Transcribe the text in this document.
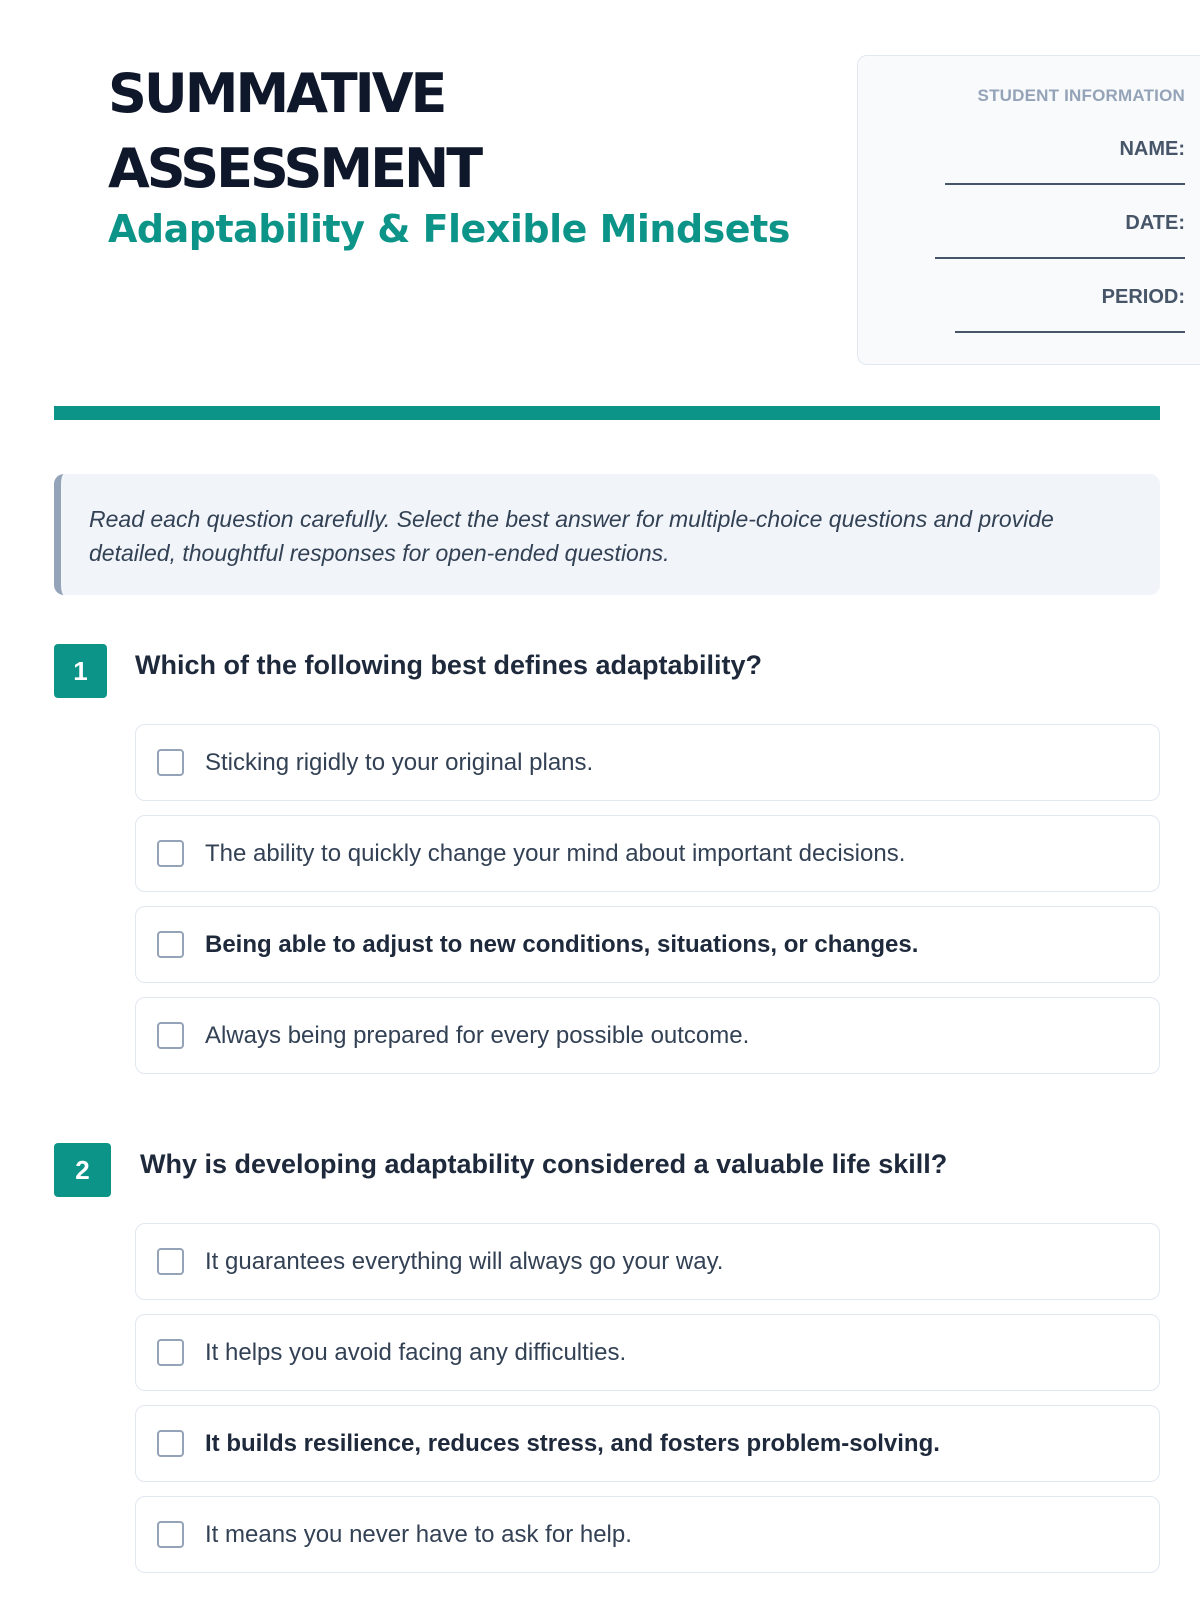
SUMMATIVE
ASSESSMENT
Adaptability & Flexible Mindsets
STUDENT INFORMATION
NAME:
DATE:
PERIOD:
Read each question carefully. Select the best answer for multiple-choice questions and provide detailed, thoughtful responses for open-ended questions.
1	Which of the following best defines adaptability?
Sticking rigidly to your original plans.
The ability to quickly change your mind about important decisions.
Being able to adjust to new conditions, situations, or changes.
Always being prepared for every possible outcome.
2	Why is developing adaptability considered a valuable life skill?
It guarantees everything will always go your way.
It helps you avoid facing any difficulties.
It builds resilience, reduces stress, and fosters problem-solving.
It means you never have to ask for help.
